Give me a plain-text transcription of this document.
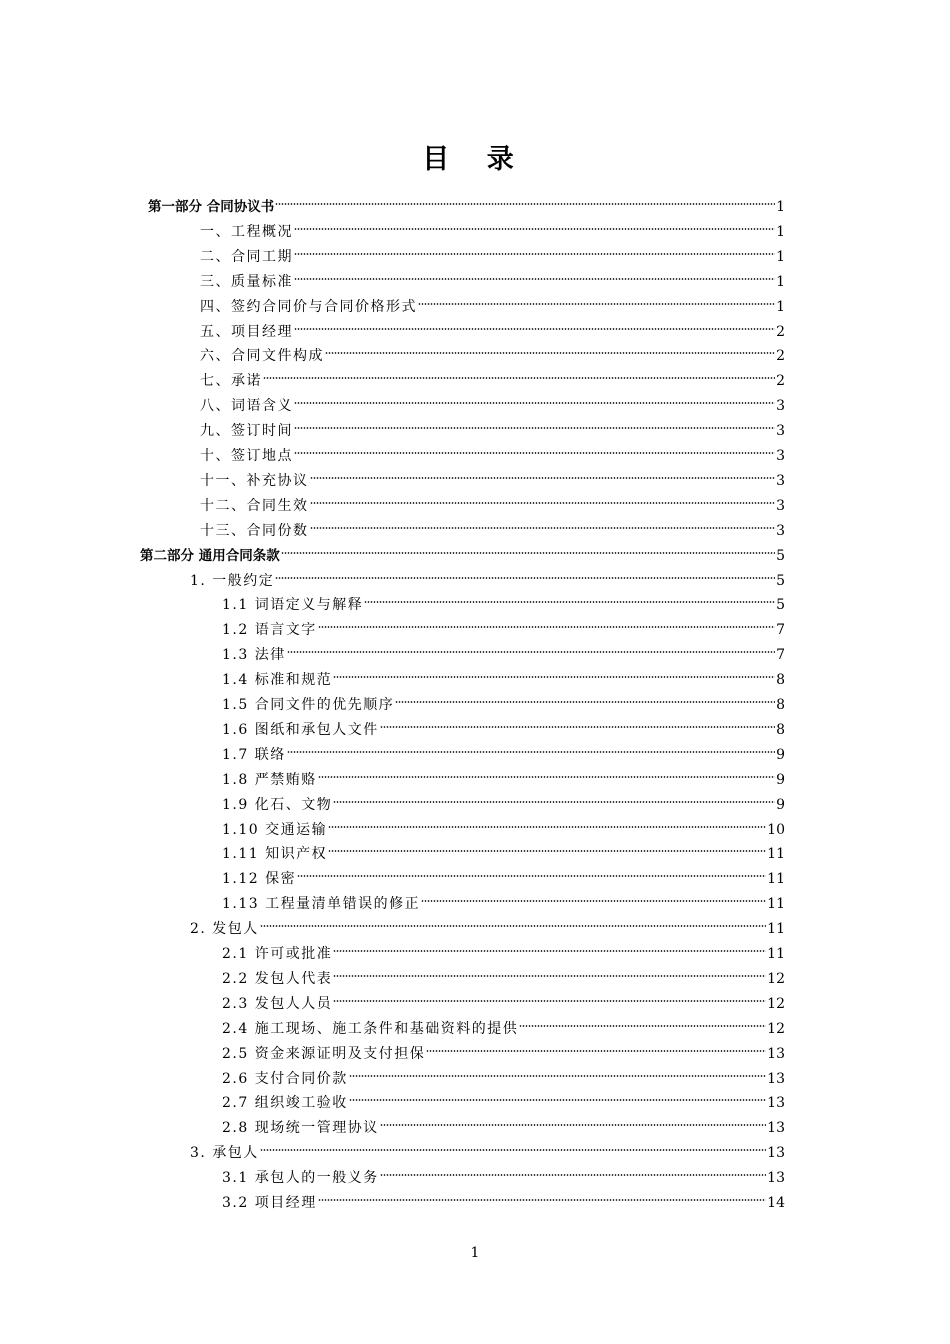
目 录
第一部分 合同协议书	1
一、工程概况	1
二、合同工期	1
三、质量标准	1
四、签约合同价与合同价格形式	1
五、项目经理	2
六、合同文件构成	2
七、承诺	2
八、词语含义	3
九、签订时间	3
十、签订地点	3
十一、补充协议	3
十二、合同生效	3
十三、合同份数	3
第二部分 通用合同条款	5
1. 一般约定	5
1.1 词语定义与解释	5
1.2 语言文字	7
1.3 法律	7
1.4 标准和规范	8
1.5 合同文件的优先顺序	8
1.6 图纸和承包人文件	8
1.7 联络	9
1.8 严禁贿赂	9
1.9 化石、文物	9
1.10 交通运输	10
1.11 知识产权	11
1.12 保密	11
1.13 工程量清单错误的修正	11
2. 发包人	11
2.1 许可或批准	11
2.2 发包人代表	12
2.3 发包人人员	12
2.4 施工现场、施工条件和基础资料的提供	12
2.5 资金来源证明及支付担保	13
2.6 支付合同价款	13
2.7 组织竣工验收	13
2.8 现场统一管理协议	13
3. 承包人	13
3.1 承包人的一般义务	13
3.2 项目经理	14
1
